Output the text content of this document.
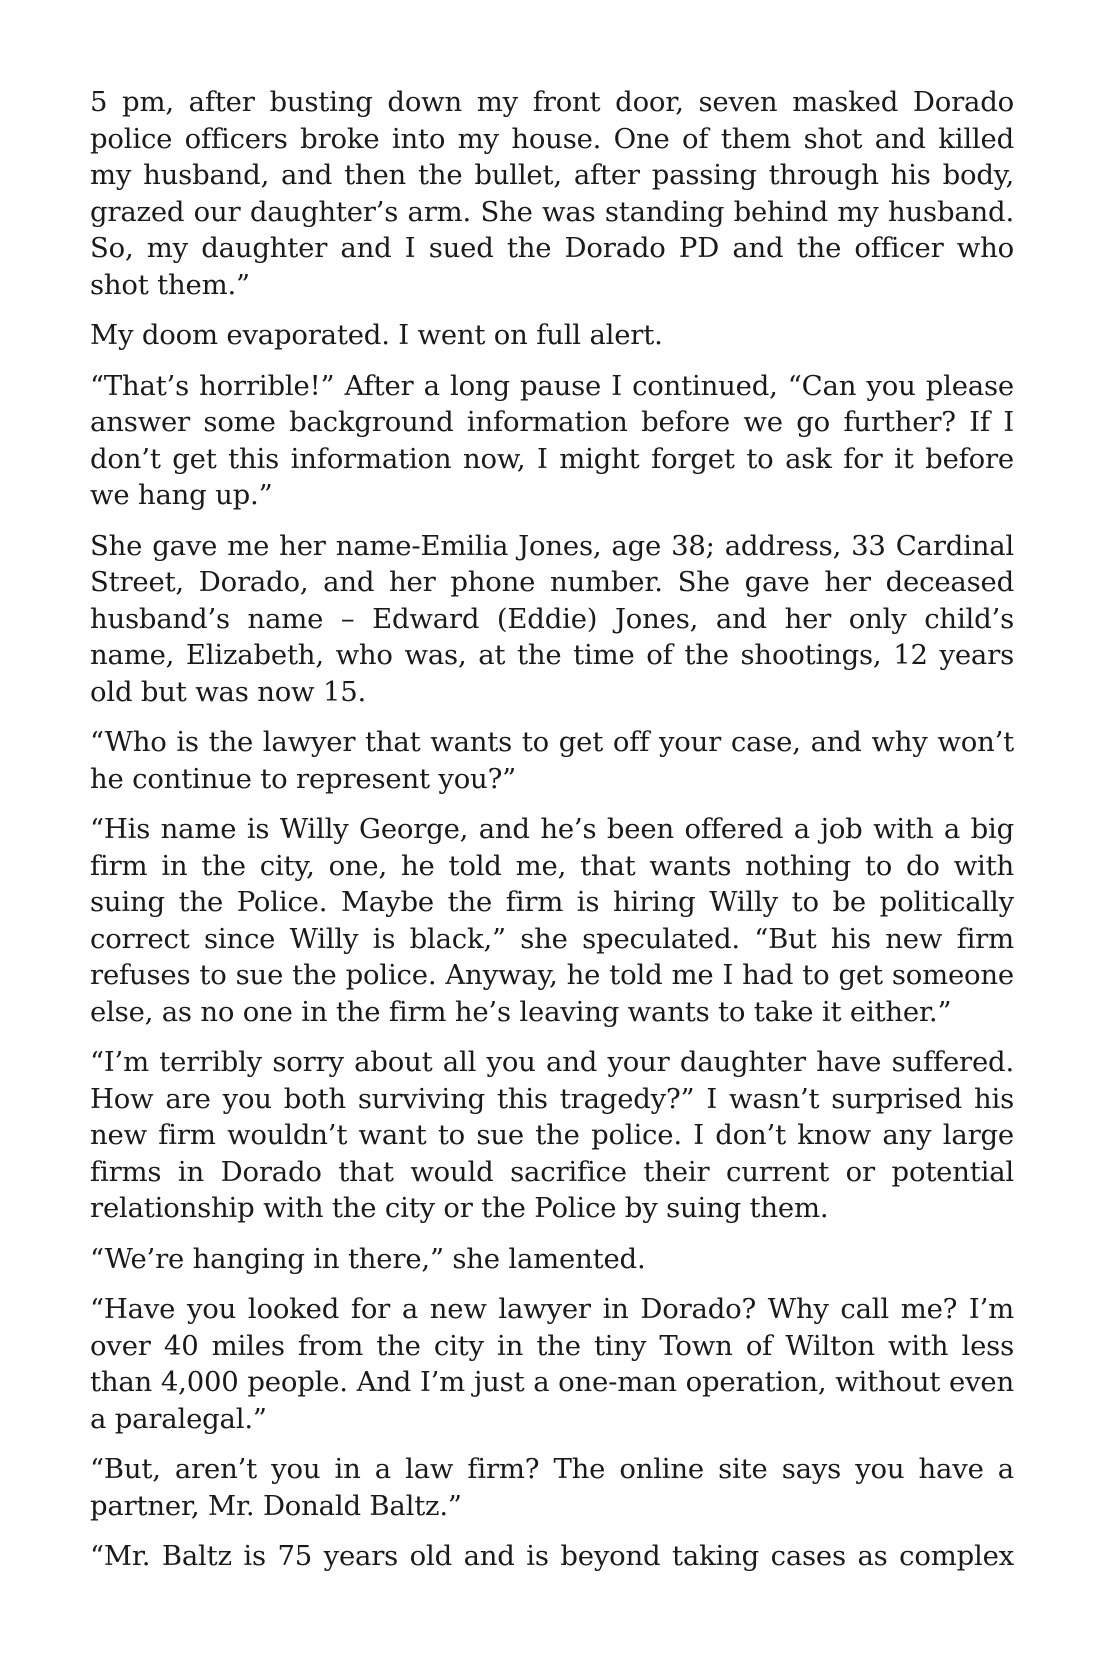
5 pm, after busting down my front door, seven masked Dorado police officers broke into my house. One of them shot and killed my husband, and then the bullet, after passing through his body, grazed our daughter’s arm. She was standing behind my husband. So, my daughter and I sued the Dorado PD and the officer who shot them.”

My doom evaporated. I went on full alert.

“That’s horrible!” After a long pause I continued, “Can you please answer some background information before we go further? If I don’t get this information now, I might forget to ask for it before we hang up.”

She gave me her name-Emilia Jones, age 38; address, 33 Cardinal Street, Dorado, and her phone number. She gave her deceased husband’s name – Edward (Eddie) Jones, and her only child’s name, Elizabeth, who was, at the time of the shootings, 12 years old but was now 15.

“Who is the lawyer that wants to get off your case, and why won’t he continue to represent you?”

“His name is Willy George, and he’s been offered a job with a big firm in the city, one, he told me, that wants nothing to do with suing the Police. Maybe the firm is hiring Willy to be politically correct since Willy is black,” she speculated. “But his new firm refuses to sue the police. Anyway, he told me I had to get someone else, as no one in the firm he’s leaving wants to take it either.”

“I’m terribly sorry about all you and your daughter have suffered. How are you both surviving this tragedy?” I wasn’t surprised his new firm wouldn’t want to sue the police. I don’t know any large firms in Dorado that would sacrifice their current or potential relationship with the city or the Police by suing them.

“We’re hanging in there,” she lamented.

“Have you looked for a new lawyer in Dorado? Why call me? I’m over 40 miles from the city in the tiny Town of Wilton with less than 4,000 people. And I’m just a one-man operation, without even a paralegal.”

“But, aren’t you in a law firm? The online site says you have a partner, Mr. Donald Baltz.”

“Mr. Baltz is 75 years old and is beyond taking cases as complex
